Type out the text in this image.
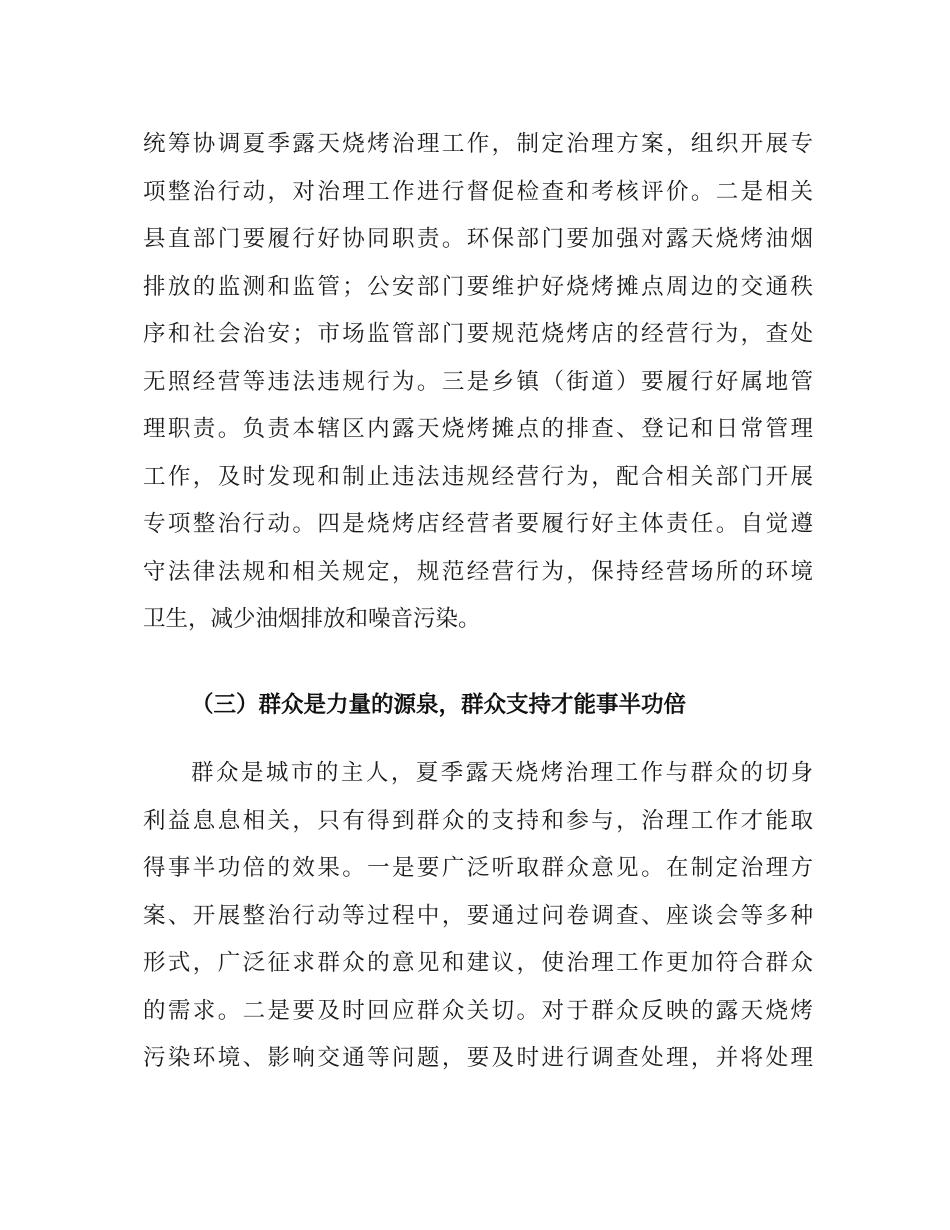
统筹协调夏季露天烧烤治理工作，制定治理方案，组织开展专
项整治行动，对治理工作进行督促检查和考核评价。二是相关
县直部门要履行好协同职责。环保部门要加强对露天烧烤油烟
排放的监测和监管；公安部门要维护好烧烤摊点周边的交通秩
序和社会治安；市场监管部门要规范烧烤店的经营行为，查处
无照经营等违法违规行为。三是乡镇（街道）要履行好属地管
理职责。负责本辖区内露天烧烤摊点的排查、登记和日常管理
工作，及时发现和制止违法违规经营行为，配合相关部门开展
专项整治行动。四是烧烤店经营者要履行好主体责任。自觉遵
守法律法规和相关规定，规范经营行为，保持经营场所的环境
卫生，减少油烟排放和噪音污染。
（三）群众是力量的源泉，群众支持才能事半功倍
群众是城市的主人，夏季露天烧烤治理工作与群众的切身
利益息息相关，只有得到群众的支持和参与，治理工作才能取
得事半功倍的效果。一是要广泛听取群众意见。在制定治理方
案、开展整治行动等过程中，要通过问卷调查、座谈会等多种
形式，广泛征求群众的意见和建议，使治理工作更加符合群众
的需求。二是要及时回应群众关切。对于群众反映的露天烧烤
污染环境、影响交通等问题，要及时进行调查处理，并将处理
